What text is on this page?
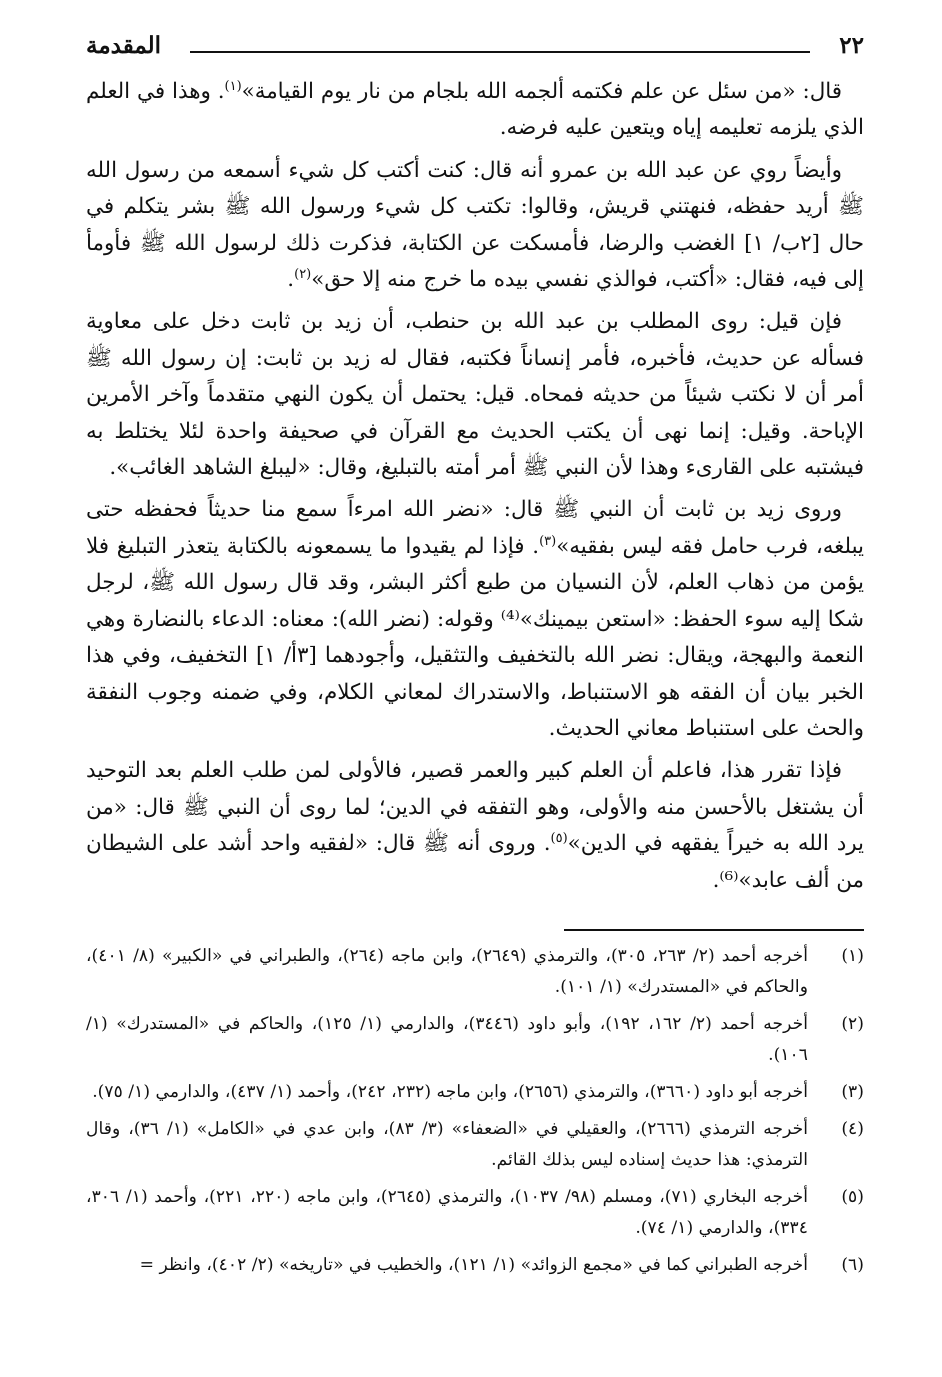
٢٢
المقدمة

قال: «من سئل عن علم فكتمه ألجمه الله بلجام من نار يوم القيامة»$^{(١)}$. وهذا في العلم الذي يلزمه تعليمه إياه ويتعين عليه فرضه.

وأيضاً روي عن عبد الله بن عمرو أنه قال: كنت أكتب كل شيء أسمعه من رسول الله ﷺ أريد حفظه، فنهتني قريش، وقالوا: تكتب كل شيء ورسول الله ﷺ بشر يتكلم في حال [٢ب/ ١] الغضب والرضا، فأمسكت عن الكتابة، فذكرت ذلك لرسول الله ﷺ فأومأ إلى فيه، فقال: «أكتب، فوالذي نفسي بيده ما خرج منه إلا حق»$^{(٢)}$.

فإن قيل: روى المطلب بن عبد الله بن حنطب، أن زيد بن ثابت دخل على معاوية فسأله عن حديث، فأخبره، فأمر إنساناً فكتبه، فقال له زيد بن ثابت: إن رسول الله ﷺ أمر أن لا نكتب شيئاً من حديثه فمحاه. قيل: يحتمل أن يكون النهي متقدماً وآخر الأمرين الإباحة. وقيل: إنما نهى أن يكتب الحديث مع القرآن في صحيفة واحدة لئلا يختلط به فيشتبه على القارىء وهذا لأن النبي ﷺ أمر أمته بالتبليغ، وقال: «ليبلغ الشاهد الغائب».

وروى زيد بن ثابت أن النبي ﷺ قال: «نضر الله امرءاً سمع منا حديثاً فحفظه حتى يبلغه، فرب حامل فقه ليس بفقيه»$^{(٣)}$. فإذا لم يقيدوا ما يسمعونه بالكتابة يتعذر التبليغ فلا يؤمن من ذهاب العلم، لأن النسيان من طبع أكثر البشر، وقد قال رسول الله ﷺ، لرجل شكا إليه سوء الحفظ: «استعن بيمينك»⁽⁴⁾ وقوله: (نضر الله): معناه: الدعاء بالنضارة وهي النعمة والبهجة، ويقال: نضر الله بالتخفيف والتثقيل، وأجودهما [٣أ/ ١] التخفيف، وفي هذا الخبر بيان أن الفقه هو الاستنباط، والاستدراك لمعاني الكلام، وفي ضمنه وجوب النفقة والحث على استنباط معاني الحديث.

فإذا تقرر هذا، فاعلم أن العلم كبير والعمر قصير، فالأولى لمن طلب العلم بعد التوحيد أن يشتغل بالأحسن منه والأولى، وهو التفقه في الدين؛ لما روى أن النبي ﷺ قال: «من يرد الله به خيراً يفقهه في الدين»$^{(٥)}$. وروى أنه ﷺ قال: «لفقيه واحد أشد على الشيطان من ألف عابد»⁽⁶⁾.

(١)
أخرجه أحمد (٢/ ٢٦٣، ٣٠٥)، والترمذي (٢٦٤٩)، وابن ماجه (٢٦٤)، والطبراني في «الكبير» (٨/ ٤٠١)، والحاكم في «المستدرك» (١/ ١٠١).
(٢)
أخرجه أحمد (٢/ ١٦٢، ١٩٢)، وأبو داود (٣٤٤٦)، والدارمي (١/ ١٢٥)، والحاكم في «المستدرك» (١/ ١٠٦).
(٣)
أخرجه أبو داود (٣٦٦٠)، والترمذي (٢٦٥٦)، وابن ماجه (٢٣٢، ٢٤٢)، وأحمد (١/ ٤٣٧)، والدارمي (١/ ٧٥).
(٤)
أخرجه الترمذي (٢٦٦٦)، والعقيلي في «الضعفاء» (٣/ ٨٣)، وابن عدي في «الكامل» (١/ ٣٦)، وقال الترمذي: هذا حديث إسناده ليس بذلك القائم.
(٥)
أخرجه البخاري (٧١)، ومسلم (٩٨/ ١٠٣٧)، والترمذي (٢٦٤٥)، وابن ماجه (٢٢٠، ٢٢١)، وأحمد (١/ ٣٠٦، ٣٣٤)، والدارمي (١/ ٧٤).
(٦)
أخرجه الطبراني كما في «مجمع الزوائد» (١/ ١٢١)، والخطيب في «تاريخه» (٢/ ٤٠٢)، وانظر =
